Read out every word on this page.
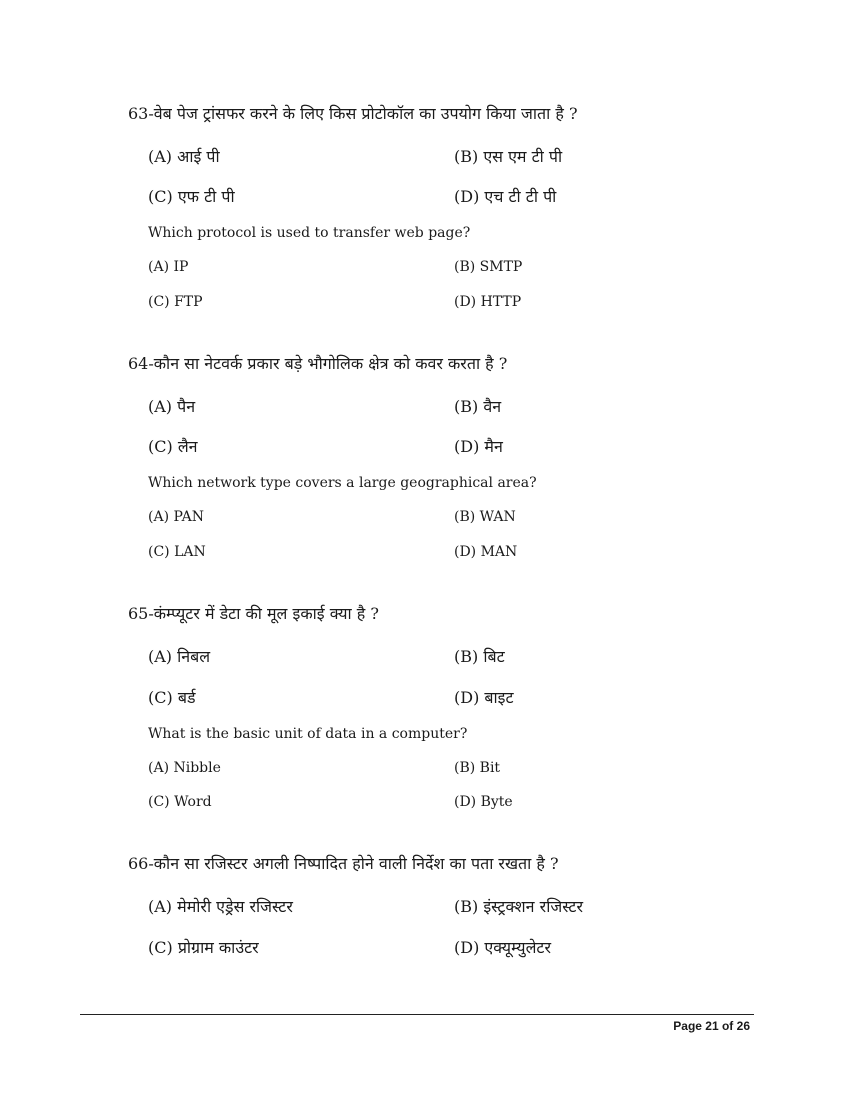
63-वेब पेज ट्रांसफर करने के लिए किस प्रोटोकॉल का उपयोग किया जाता है ?
(A) आई पी	(B) एस एम टी पी
(C) एफ टी पी	(D) एच टी टी पी
Which protocol is used to transfer web page?
(A) IP	(B) SMTP
(C) FTP	(D) HTTP
64-कौन सा नेटवर्क प्रकार बड़े भौगोलिक क्षेत्र को कवर करता है ?
(A) पैन	(B) वैन
(C) लैन	(D) मैन
Which network type covers a large geographical area?
(A) PAN	(B) WAN
(C) LAN	(D) MAN
65-कंम्प्यूटर में डेटा की मूल इकाई क्या है ?
(A) निबल	(B) बिट
(C) बर्ड	(D) बाइट
What is the basic unit of data in a computer?
(A) Nibble	(B) Bit
(C) Word	(D) Byte
66-कौन सा रजिस्टर अगली निष्पादित होने वाली निर्देश का पता रखता है ?
(A) मेमोरी एड्रेस रजिस्टर	(B) इंस्ट्रक्शन रजिस्टर
(C) प्रोग्राम काउंटर	(D) एक्यूम्युलेटर
Page 21 of 26
